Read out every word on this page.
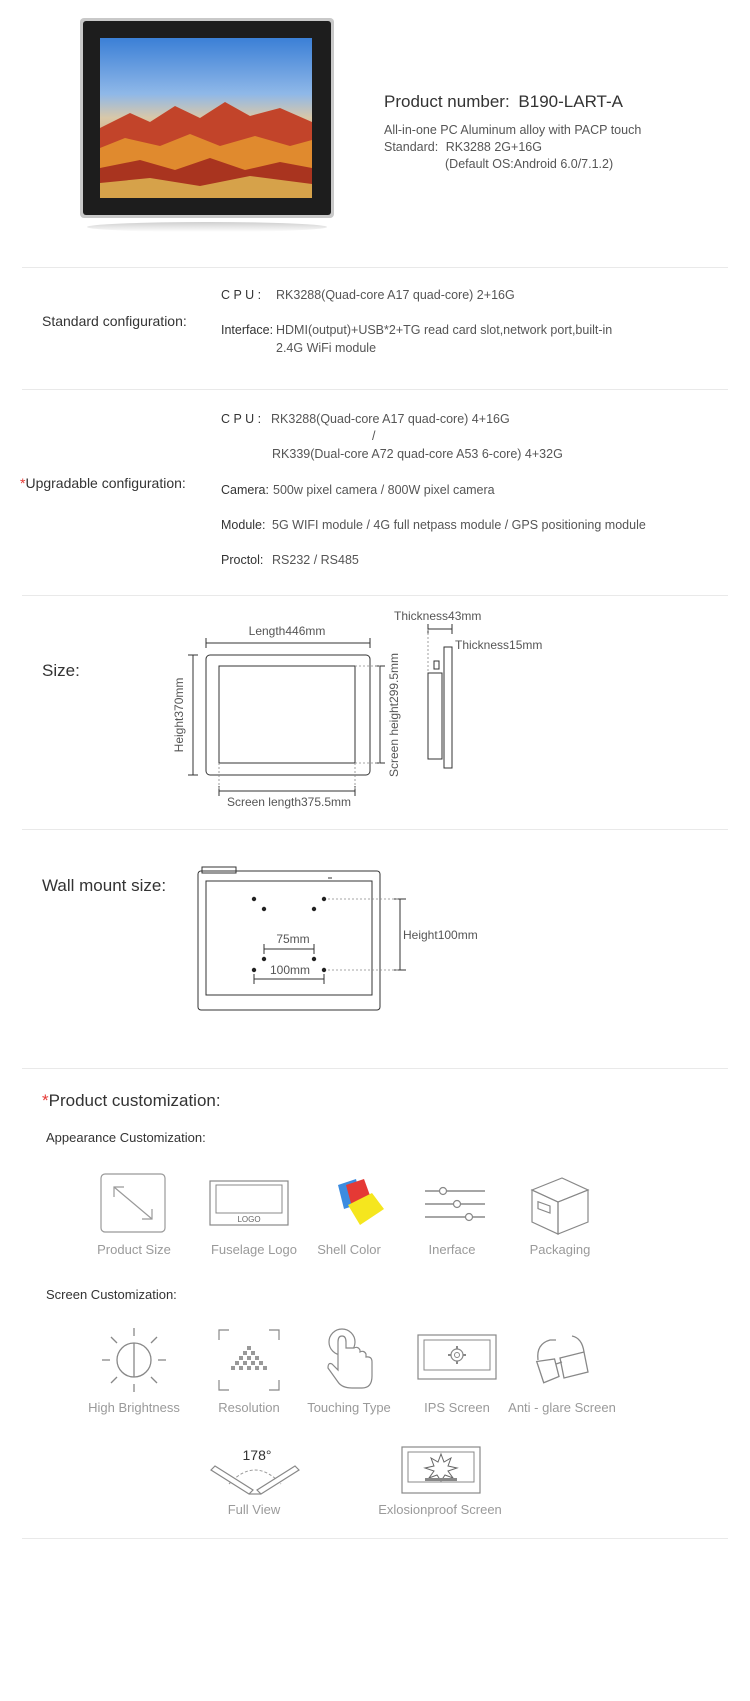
Product number: B190-LART-A
All-in-one PC Aluminum alloy with PACP touch
Standard: RK3288 2G+16G
(Default OS:Android 6.0/7.1.2)
Standard configuration:
C P U : RK3288(Quad-core A17 quad-core) 2+16G
Interface: HDMI(output)+USB*2+TG read card slot,network port,built-in
2.4G WiFi module
*Upgradable configuration:
C P U : RK3288(Quad-core A17 quad-core) 4+16G
/
RK339(Dual-core A72 quad-core A53 6-core) 4+32G
Camera: 500w pixel camera / 800W pixel camera
Module: 5G WIFI module / 4G full netpass module / GPS positioning module
Proctol: RS232 / RS485
Size:
Length446mm
Height370mm
Screen length375.5mm
Screen height299.5mm
Thickness43mm
Thickness15mm
Wall mount size:
75mm
100mm
Height100mm
*Product customization:
Appearance Customization:
LOGO
Product Size	Fuselage Logo	Shell Color	Inerface	Packaging
Screen Customization:
High Brightness	Resolution	Touching Type	IPS Screen	Anti - glare Screen
178°
Full View	Exlosionproof Screen
